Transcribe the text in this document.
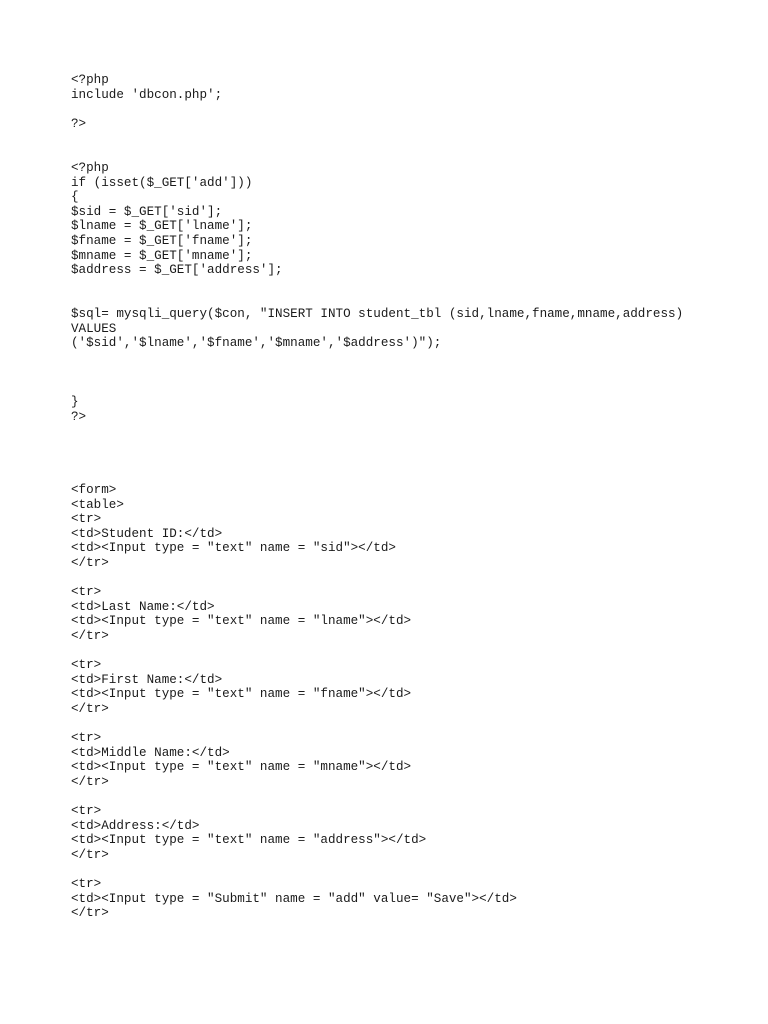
<?php
include 'dbcon.php';
?>
<?php
if (isset($_GET['add']))
{
$sid = $_GET['sid'];
$lname = $_GET['lname'];
$fname = $_GET['fname'];
$mname = $_GET['mname'];
$address = $_GET['address'];
$sql= mysqli_query($con, "INSERT INTO student_tbl (sid,lname,fname,mname,address)
VALUES
('$sid','$lname','$fname','$mname','$address')");
}
?>
<form>
<table>
<tr>
<td>Student ID:</td>
<td><Input type = "text" name = "sid"></td>
</tr>
<tr>
<td>Last Name:</td>
<td><Input type = "text" name = "lname"></td>
</tr>
<tr>
<td>First Name:</td>
<td><Input type = "text" name = "fname"></td>
</tr>
<tr>
<td>Middle Name:</td>
<td><Input type = "text" name = "mname"></td>
</tr>
<tr>
<td>Address:</td>
<td><Input type = "text" name = "address"></td>
</tr>
<tr>
<td><Input type = "Submit" name = "add" value= "Save"></td>
</tr>
